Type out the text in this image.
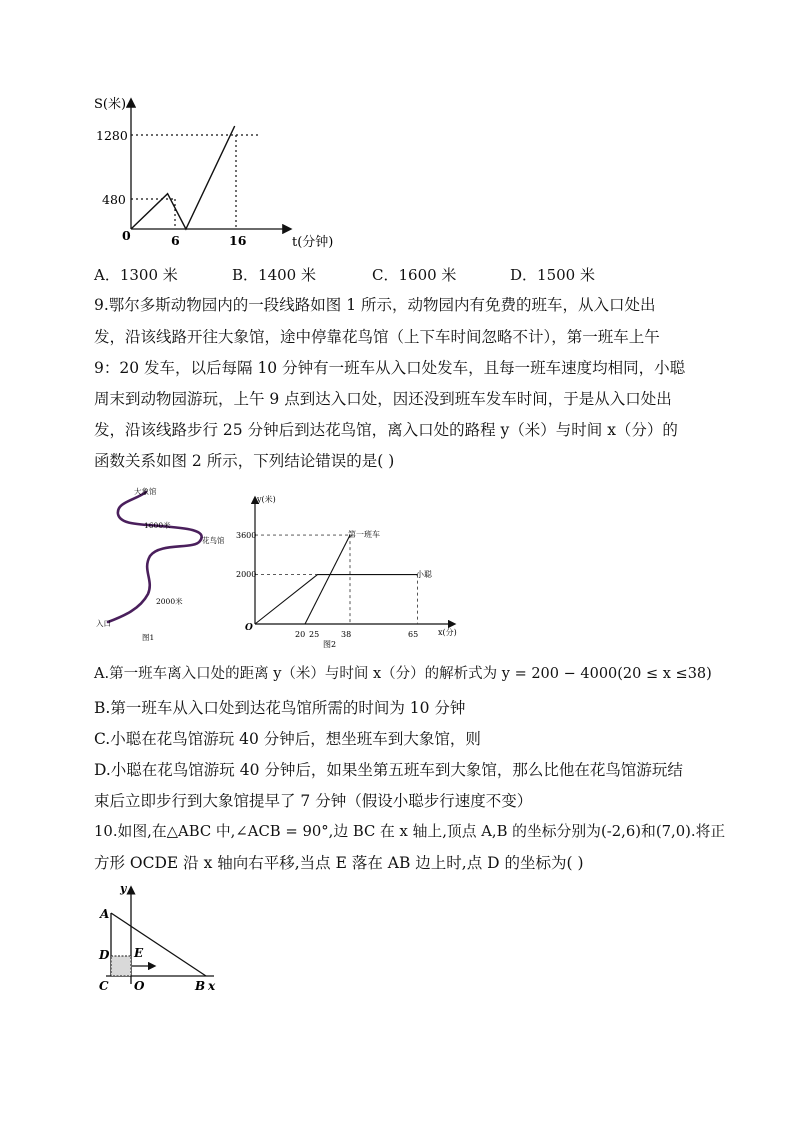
S(米)
1280
480
0	6	16	t(分钟)
A．1300 米	B．1400 米	C．1600 米	D．1500 米
9.鄂尔多斯动物园内的一段线路如图 1 所示，动物园内有免费的班车，从入口处出
发，沿该线路开往大象馆，途中停靠花鸟馆（上下车时间忽略不计），第一班车上午
9：20 发车，以后每隔 10 分钟有一班车从入口处发车，且每一班车速度均相同，小聪
周末到动物园游玩，上午 9 点到达入口处，因还没到班车发车时间，于是从入口处出
发，沿该线路步行 25 分钟后到达花鸟馆，离入口处的路程 y（米）与时间 x（分）的
函数关系如图 2 所示，下列结论错误的是( )
大象馆
1600米
花鸟馆
2000米
入口
图1
y(米)
3600
2000
O
20 25	38	65 x(分)
第一班车
小聪
图2
A.第一班车离入口处的距离 y（米）与时间 x（分）的解析式为 y = 200 − 4000(20 ≤ x ≤38)
B.第一班车从入口处到达花鸟馆所需的时间为 10 分钟
C.小聪在花鸟馆游玩 40 分钟后，想坐班车到大象馆，则
D.小聪在花鸟馆游玩 40 分钟后，如果坐第五班车到大象馆，那么比他在花鸟馆游玩结
束后立即步行到大象馆提早了 7 分钟（假设小聪步行速度不变）
10.如图,在△ABC 中,∠ACB = 90°,边 BC 在 x 轴上,顶点 A,B 的坐标分别为(-2,6)和(7,0).将正
方形 OCDE 沿 x 轴向右平移,当点 E 落在 AB 边上时,点 D 的坐标为( )
y
A
D E
C O	B x
